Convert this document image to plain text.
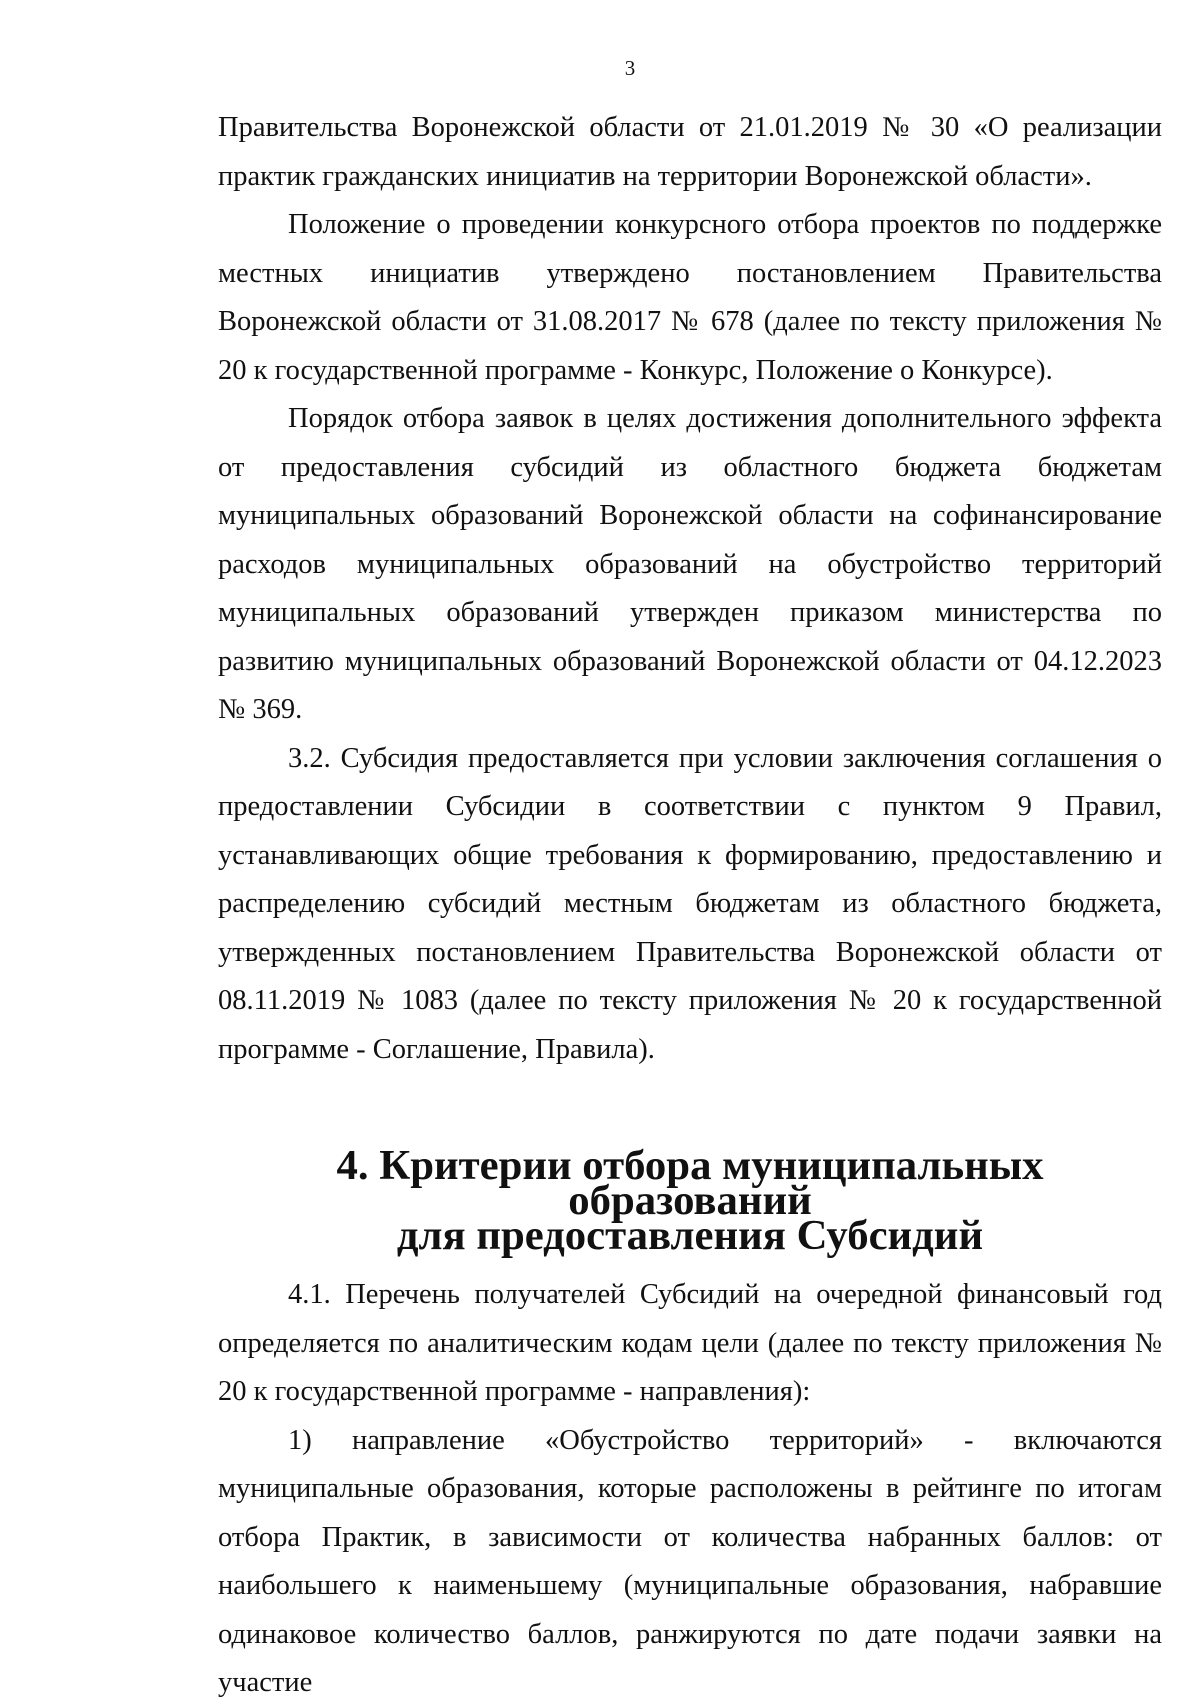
3

Правительства Воронежской области от 21.01.2019 № 30 «О реализации практик гражданских инициатив на территории Воронежской области».

Положение о проведении конкурсного отбора проектов по поддержке местных инициатив утверждено постановлением Правительства Воронежской области от 31.08.2017 № 678 (далее по тексту приложения № 20 к государственной программе - Конкурс, Положение о Конкурсе).

Порядок отбора заявок в целях достижения дополнительного эффекта от предоставления субсидий из областного бюджета бюджетам муниципальных образований Воронежской области на софинансирование расходов муниципальных образований на обустройство территорий муниципальных образований утвержден приказом министерства по развитию муниципальных образований Воронежской области от 04.12.2023 № 369.

3.2. Субсидия предоставляется при условии заключения соглашения о предоставлении Субсидии в соответствии с пунктом 9 Правил, устанавливающих общие требования к формированию, предоставлению и распределению субсидий местным бюджетам из областного бюджета, утвержденных постановлением Правительства Воронежской области от 08.11.2019 № 1083 (далее по тексту приложения № 20 к государственной программе - Соглашение, Правила).

4. Критерии отбора муниципальных образований
для предоставления Субсидий

4.1. Перечень получателей Субсидий на очередной финансовый год определяется по аналитическим кодам цели (далее по тексту приложения № 20 к государственной программе - направления):

1) направление «Обустройство территорий» - включаются муниципальные образования, которые расположены в рейтинге по итогам отбора Практик, в зависимости от количества набранных баллов: от наибольшего к наименьшему (муниципальные образования, набравшие одинаковое количество баллов, ранжируются по дате подачи заявки на участие
